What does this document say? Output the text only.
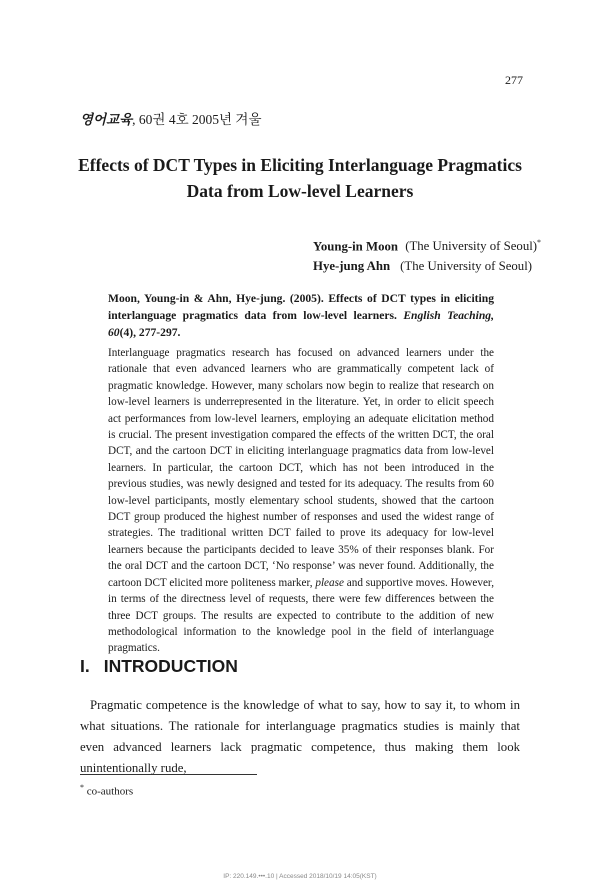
277
영어교육, 60권 4호 2005년 겨울
Effects of DCT Types in Eliciting Interlanguage Pragmatics
Data from Low-level Learners
Young-in Moon (The University of Seoul)*
Hye-jung Ahn (The University of Seoul)
Moon, Young-in & Ahn, Hye-jung. (2005). Effects of DCT types in eliciting interlanguage pragmatics data from low-level learners. English Teaching, 60(4), 277-297.
Interlanguage pragmatics research has focused on advanced learners under the rationale that even advanced learners who are grammatically competent lack of pragmatic knowledge. However, many scholars now begin to realize that research on low-level learners is underrepresented in the literature. Yet, in order to elicit speech act performances from low-level learners, employing an adequate elicitation method is crucial. The present investigation compared the effects of the written DCT, the oral DCT, and the cartoon DCT in eliciting interlanguage pragmatics data from low-level learners. In particular, the cartoon DCT, which has not been introduced in the previous studies, was newly designed and tested for its adequacy. The results from 60 low-level participants, mostly elementary school students, showed that the cartoon DCT group produced the highest number of responses and used the widest range of strategies. The traditional written DCT failed to prove its adequacy for low-level learners because the participants decided to leave 35% of their responses blank. For the oral DCT and the cartoon DCT, ‘No response’ was never found. Additionally, the cartoon DCT elicited more politeness marker, please and supportive moves. However, in terms of the directness level of requests, there were few differences between the three DCT groups. The results are expected to contribute to the addition of new methodological information to the knowledge pool in the field of interlanguage pragmatics.
I. INTRODUCTION
Pragmatic competence is the knowledge of what to say, how to say it, to whom in what situations. The rationale for interlanguage pragmatics studies is mainly that even advanced learners lack pragmatic competence, thus making them look unintentionally rude,
* co-authors
IP: 220.149.•••.10 | Accessed 2018/10/19 14:05(KST)
